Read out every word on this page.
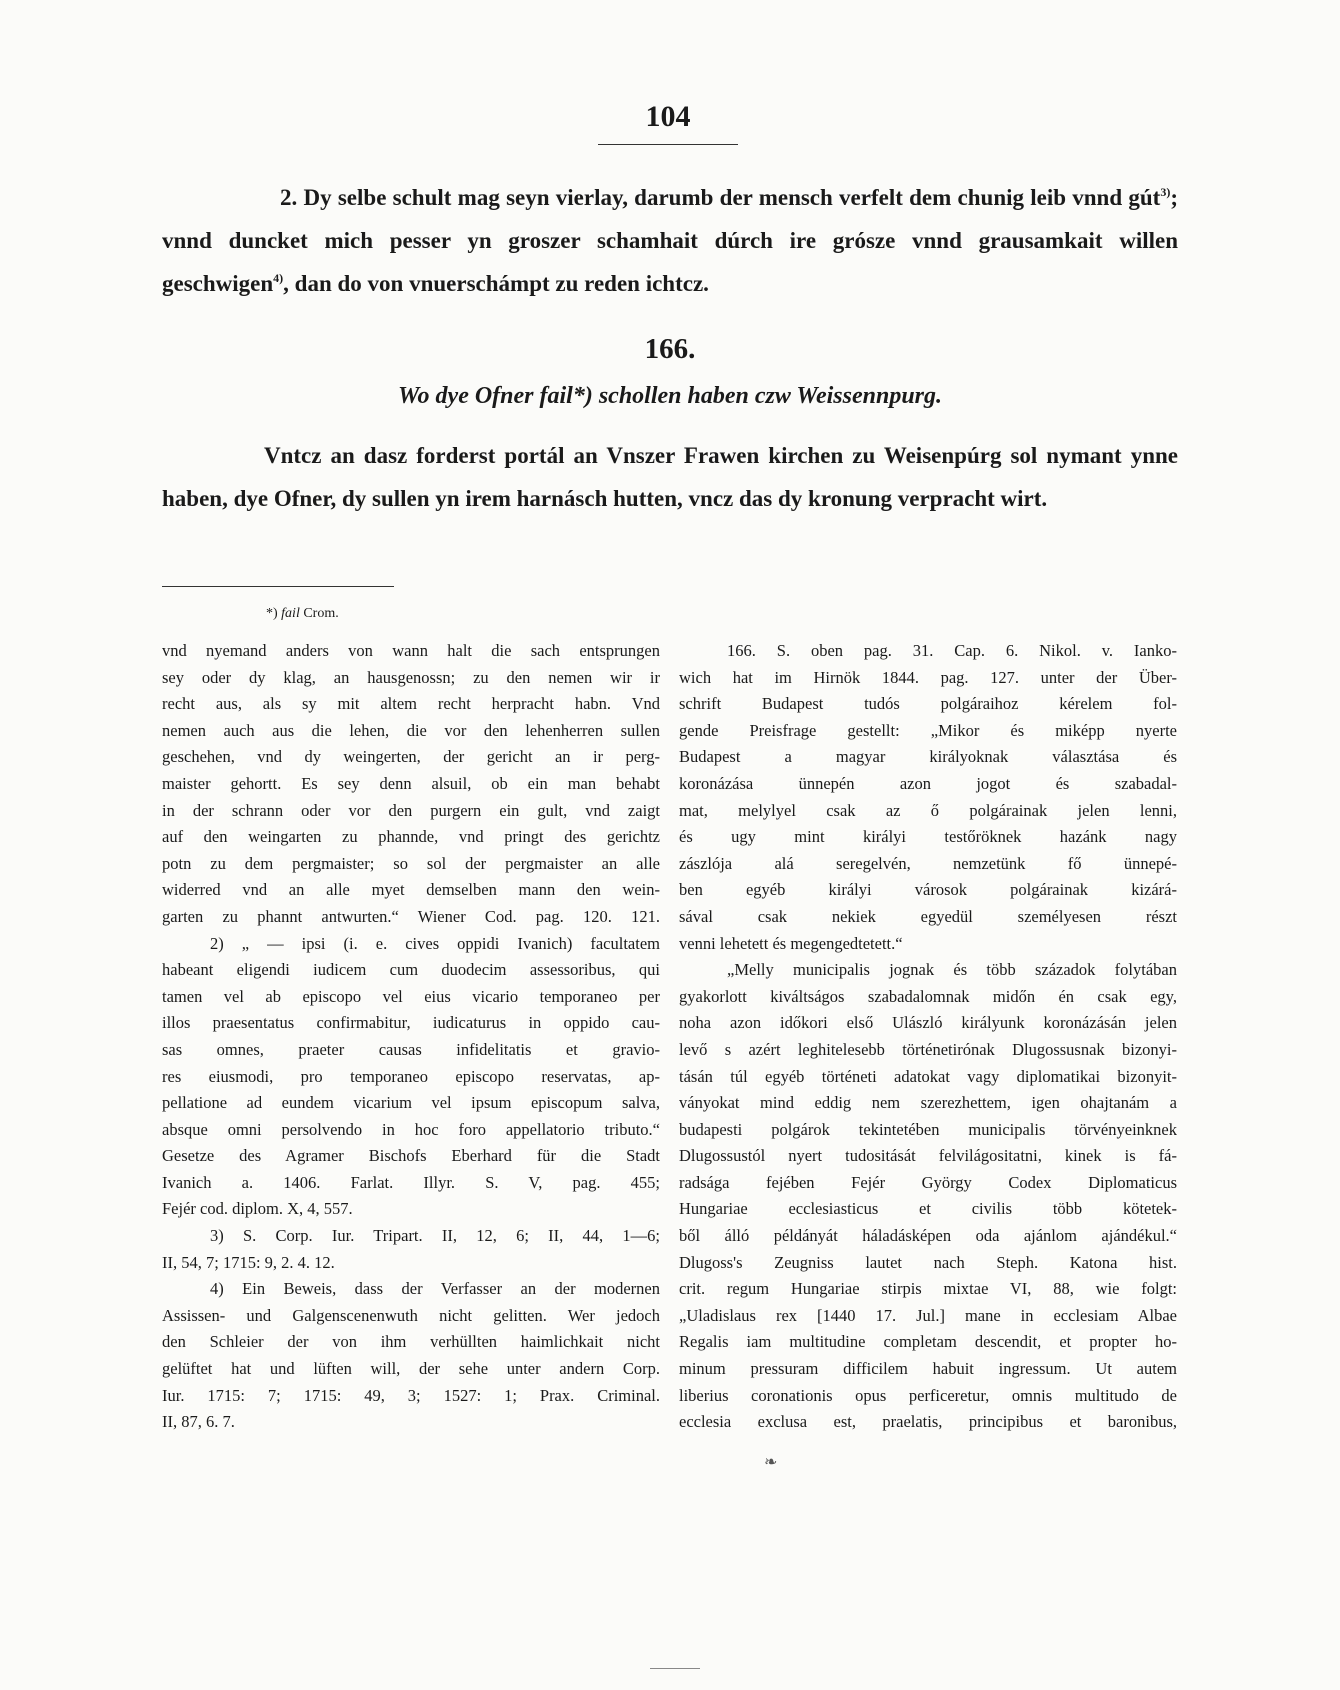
104

2. Dy selbe schult mag seyn vierlay, darumb der mensch verfelt dem chunig leib vnnd gút$^{3)}$; vnnd duncket mich pesser yn groszer schamhait dúrch ire grósze vnnd grausamkait willen geschwigen$^{4)}$, dan do von vnuerschámpt zu reden ichtcz.

166.
Wo dye Ofner fail*) schollen haben czw Weissennpurg.

Vntcz an dasz forderst portál an Vnszer Frawen kirchen zu Weisenpúrg sol nymant ynne haben, dye Ofner, dy sullen yn irem harnásch hutten, vncz das dy kronung verpracht wirt.

*) fail Crom.
vnd nyemand anders von wann halt die sach entsprungen
sey oder dy klag, an hausgenossn; zu den nemen wir ir
recht aus, als sy mit altem recht herpracht habn. Vnd
nemen auch aus die lehen, die vor den lehenherren sullen
geschehen, vnd dy weingerten, der gericht an ir perg-
maister gehortt. Es sey denn alsuil, ob ein man behabt
in der schrann oder vor den purgern ein gult, vnd zaigt
auf den weingarten zu phannde, vnd pringt des gerichtz
potn zu dem pergmaister; so sol der pergmaister an alle
widerred vnd an alle myet demselben mann den wein-
garten zu phannt antwurten.“ Wiener Cod. pag. 120. 121.
2) „ — ipsi (i. e. cives oppidi Ivanich) facultatem
habeant eligendi iudicem cum duodecim assessoribus, qui
tamen vel ab episcopo vel eius vicario temporaneo per
illos praesentatus confirmabitur, iudicaturus in oppido cau-
sas omnes, praeter causas infidelitatis et gravio-
res eiusmodi, pro temporaneo episcopo reservatas, ap-
pellatione ad eundem vicarium vel ipsum episcopum salva,
absque omni persolvendo in hoc foro appellatorio tributo.“
Gesetze des Agramer Bischofs Eberhard für die Stadt
Ivanich a. 1406. Farlat. Illyr. S. V, pag. 455;
Fejér cod. diplom. X, 4, 557.
3) S. Corp. Iur. Tripart. II, 12, 6; II, 44, 1—6;
II, 54, 7; 1715: 9, 2. 4. 12.
4) Ein Beweis, dass der Verfasser an der modernen
Assissen- und Galgenscenenwuth nicht gelitten. Wer jedoch
den Schleier der von ihm verhüllten haimlichkait nicht
gelüftet hat und lüften will, der sehe unter andern Corp.
Iur. 1715: 7; 1715: 49, 3; 1527: 1; Prax. Criminal.
II, 87, 6. 7.
166. S. oben pag. 31. Cap. 6. Nikol. v. Ianko-
wich hat im Hirnök 1844. pag. 127. unter der Über-
schrift Budapest tudós polgáraihoz kérelem fol-
gende Preisfrage gestellt: „Mikor és miképp nyerte
Budapest a magyar királyoknak választása és
koronázása ünnepén azon jogot és szabadal-
mat, melylyel csak az ő polgárainak jelen lenni,
és ugy mint királyi testőröknek hazánk nagy
zászlója alá seregelvén, nemzetünk fő ünnepé-
ben egyéb királyi városok polgárainak kizárá-
sával csak nekiek egyedül személyesen részt
venni lehetett és megengedtetett.“
„Melly municipalis jognak és több századok folytában
gyakorlott kiváltságos szabadalomnak midőn én csak egy,
noha azon időkori első Ulászló királyunk koronázásán jelen
levő s azért leghitelesebb történetirónak Dlugossusnak bizonyi-
tásán túl egyéb történeti adatokat vagy diplomatikai bizonyit-
ványokat mind eddig nem szerezhettem, igen ohajtanám a
budapesti polgárok tekintetében municipalis törvényeinknek
Dlugossustól nyert tudositását felvilágositatni, kinek is fá-
radsága fejében Fejér György Codex Diplomaticus
Hungariae ecclesiasticus et civilis több kötetek-
ből álló példányát háladásképen oda ajánlom ajándékul.“
Dlugoss's Zeugniss lautet nach Steph. Katona hist.
crit. regum Hungariae stirpis mixtae VI, 88, wie folgt:
„Uladislaus rex [1440 17. Jul.] mane in ecclesiam Albae
Regalis iam multitudine completam descendit, et propter ho-
minum pressuram difficilem habuit ingressum. Ut autem
liberius coronationis opus perficeretur, omnis multitudo de
ecclesia exclusa est, praelatis, principibus et baronibus,
❧
